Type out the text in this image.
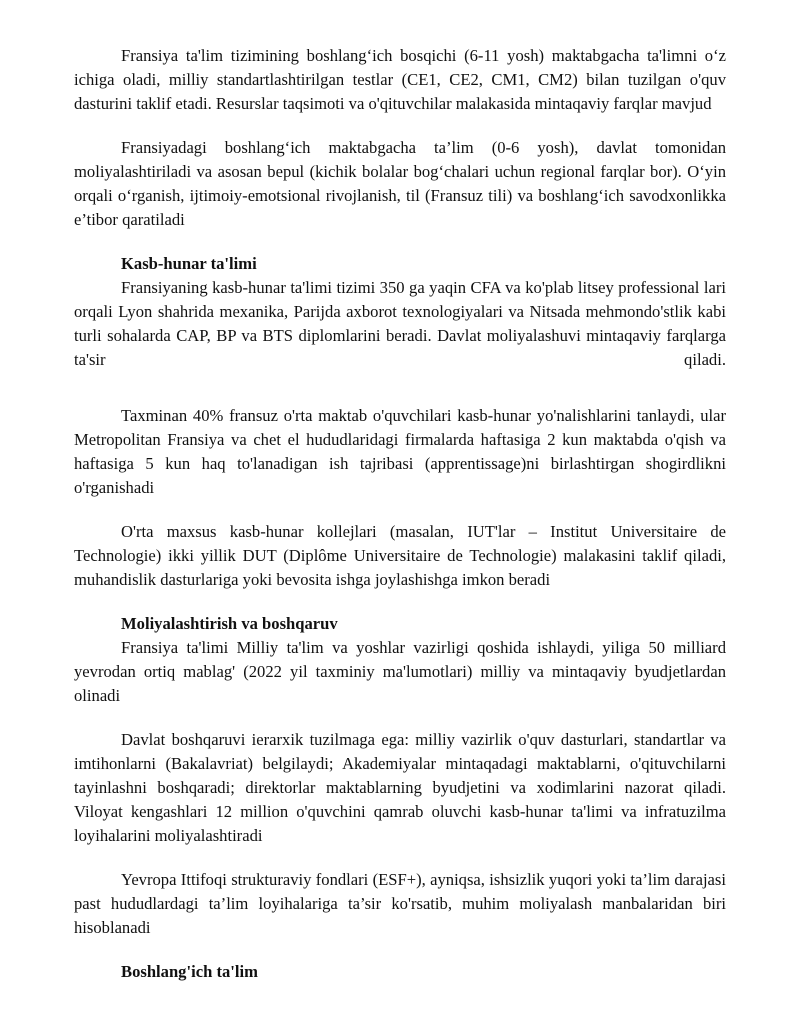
Fransiya ta'lim tizimining boshlang‘ich bosqichi (6-11 yosh) maktabgacha ta'limni o‘z ichiga oladi, milliy standartlashtirilgan testlar (CE1, CE2, CM1, CM2) bilan tuzilgan o'quv dasturini taklif etadi. Resurslar taqsimoti va o'qituvchilar malakasida mintaqaviy farqlar mavjud

Fransiyadagi boshlang‘ich maktabgacha ta’lim (0-6 yosh), davlat tomonidan moliyalashtiriladi va asosan bepul (kichik bolalar bog‘chalari uchun regional farqlar bor). O‘yin orqali o‘rganish, ijtimoiy-emotsional rivojlanish, til (Fransuz tili) va boshlang‘ich savodxonlikka e’tibor qaratiladi

Kasb-hunar ta'limi

Fransiyaning kasb-hunar ta'limi tizimi 350 ga yaqin CFA va ko'plab litsey professional lari orqali Lyon shahrida mexanika, Parijda axborot texnologiyalari va Nitsada mehmondo'stlik kabi turli sohalarda CAP, BP va BTS diplomlarini beradi. Davlat moliyalashuvi mintaqaviy farqlarga ta'sir qiladi.

Taxminan 40% fransuz o'rta maktab o'quvchilari kasb-hunar yo'nalishlarini tanlaydi, ular Metropolitan Fransiya va chet el hududlaridagi firmalarda haftasiga 2 kun maktabda o'qish va haftasiga 5 kun haq to'lanadigan ish tajribasi (apprentissage)ni birlashtirgan shogirdlikni o'rganishadi

O'rta maxsus kasb-hunar kollejlari (masalan, IUT'lar – Institut Universitaire de Technologie) ikki yillik DUT (Diplôme Universitaire de Technologie) malakasini taklif qiladi, muhandislik dasturlariga yoki bevosita ishga joylashishga imkon beradi

Moliyalashtirish va boshqaruv

Fransiya ta'limi Milliy ta'lim va yoshlar vazirligi qoshida ishlaydi, yiliga 50 milliard yevrodan ortiq mablag' (2022 yil taxminiy ma'lumotlari) milliy va mintaqaviy byudjetlardan olinadi

Davlat boshqaruvi ierarxik tuzilmaga ega: milliy vazirlik o'quv dasturlari, standartlar va imtihonlarni (Bakalavriat) belgilaydi; Akademiyalar mintaqadagi maktablarni, o'qituvchilarni tayinlashni boshqaradi; direktorlar maktablarning byudjetini va xodimlarini nazorat qiladi. Viloyat kengashlari 12 million o'quvchini qamrab oluvchi kasb-hunar ta'limi va infratuzilma loyihalarini moliyalashtiradi

Yevropa Ittifoqi strukturaviy fondlari (ESF+), ayniqsa, ishsizlik yuqori yoki ta’lim darajasi past hududlardagi ta’lim loyihalariga ta’sir ko'rsatib, muhim moliyalash manbalaridan biri hisoblanadi

Boshlang'ich ta'lim
